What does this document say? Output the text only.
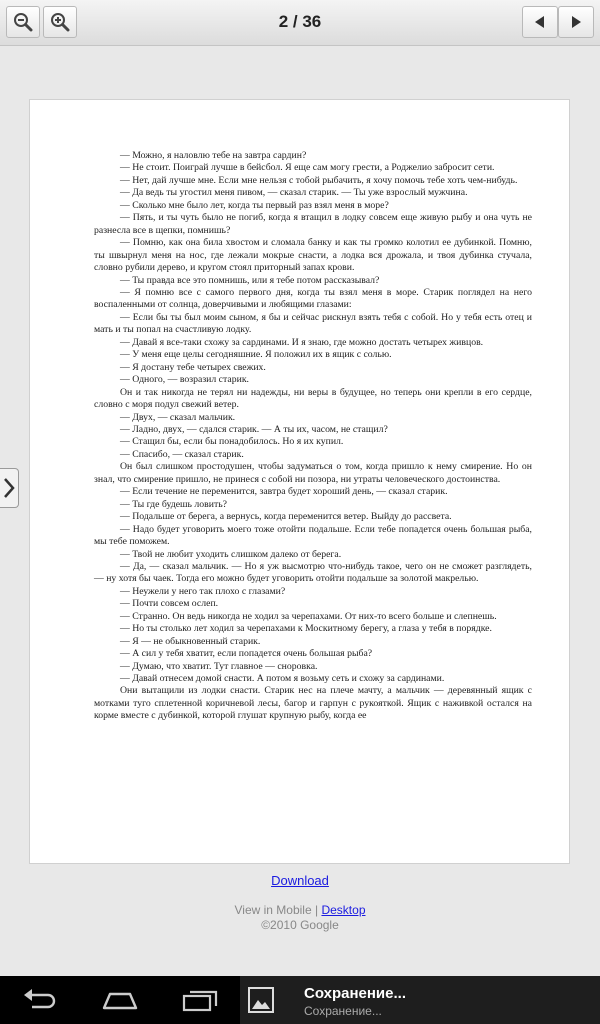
2 / 36

— Можно, я наловлю тебе на завтра сардин?

— Не стоит. Поиграй лучше в бейсбол. Я еще сам могу грести, а Роджелио забросит сети.

— Нет, дай лучше мне. Если мне нельзя с тобой рыбачить, я хочу помочь тебе хоть чем-нибудь.

— Да ведь ты угостил меня пивом, — сказал старик. — Ты уже взрослый мужчина.

— Сколько мне было лет, когда ты первый раз взял меня в море?

— Пять, и ты чуть было не погиб, когда я втащил в лодку совсем еще живую рыбу и она чуть не разнесла все в щепки, помнишь?

— Помню, как она била хвостом и сломала банку и как ты громко колотил ее дубинкой. Помню, ты швырнул меня на нос, где лежали мокрые снасти, а лодка вся дрожала, и твоя дубинка стучала, словно рубили дерево, и кругом стоял приторный запах крови.

— Ты правда все это помнишь, или я тебе потом рассказывал?

— Я помню все с самого первого дня, когда ты взял меня в море. Старик поглядел на него воспаленными от солнца, доверчивыми и любящими глазами:

— Если бы ты был моим сыном, я бы и сейчас рискнул взять тебя с собой. Но у тебя есть отец и мать и ты попал на счастливую лодку.

— Давай я все-таки схожу за сардинами. И я знаю, где можно достать четырех живцов.

— У меня еще целы сегодняшние. Я положил их в ящик с солью.

— Я достану тебе четырех свежих.

— Одного, — возразил старик.

Он и так никогда не терял ни надежды, ни веры в будущее, но теперь они крепли в его сердце, словно с моря подул свежий ветер.

— Двух, — сказал мальчик.

— Ладно, двух, — сдался старик. — А ты их, часом, не стащил?

— Стащил бы, если бы понадобилось. Но я их купил.

— Спасибо, — сказал старик.

Он был слишком простодушен, чтобы задуматься о том, когда пришло к нему смирение. Но он знал, что смирение пришло, не принеся с собой ни позора, ни утраты человеческого достоинства.

— Если течение не переменится, завтра будет хороший день, — сказал старик.

— Ты где будешь ловить?

— Подальше от берега, а вернусь, когда переменится ветер. Выйду до рассвета.

— Надо будет уговорить моего тоже отойти подальше. Если тебе попадется очень большая рыба, мы тебе поможем.

— Твой не любит уходить слишком далеко от берега.

— Да, — сказал мальчик. — Но я уж высмотрю что-нибудь такое, чего он не сможет разглядеть, — ну хотя бы чаек. Тогда его можно будет уговорить отойти подальше за золотой макрелью.

— Неужели у него так плохо с глазами?

— Почти совсем ослеп.

— Странно. Он ведь никогда не ходил за черепахами. От них-то всего больше и слепнешь.

— Но ты столько лет ходил за черепахами к Москитному берегу, а глаза у тебя в порядке.

— Я — не обыкновенный старик.

— А сил у тебя хватит, если попадется очень большая рыба?

— Думаю, что хватит. Тут главное — сноровка.

— Давай отнесем домой снасти. А потом я возьму сеть и схожу за сардинами.

Они вытащили из лодки снасти. Старик нес на плече мачту, а мальчик — деревянный ящик с мотками туго сплетенной коричневой лесы, багор и гарпун с рукояткой. Ящик с наживкой остался на корме вместе с дубинкой, которой глушат крупную рыбу, когда ее

Download
View in Mobile | Desktop
©2010 Google
Сохранение...
Сохранение...
